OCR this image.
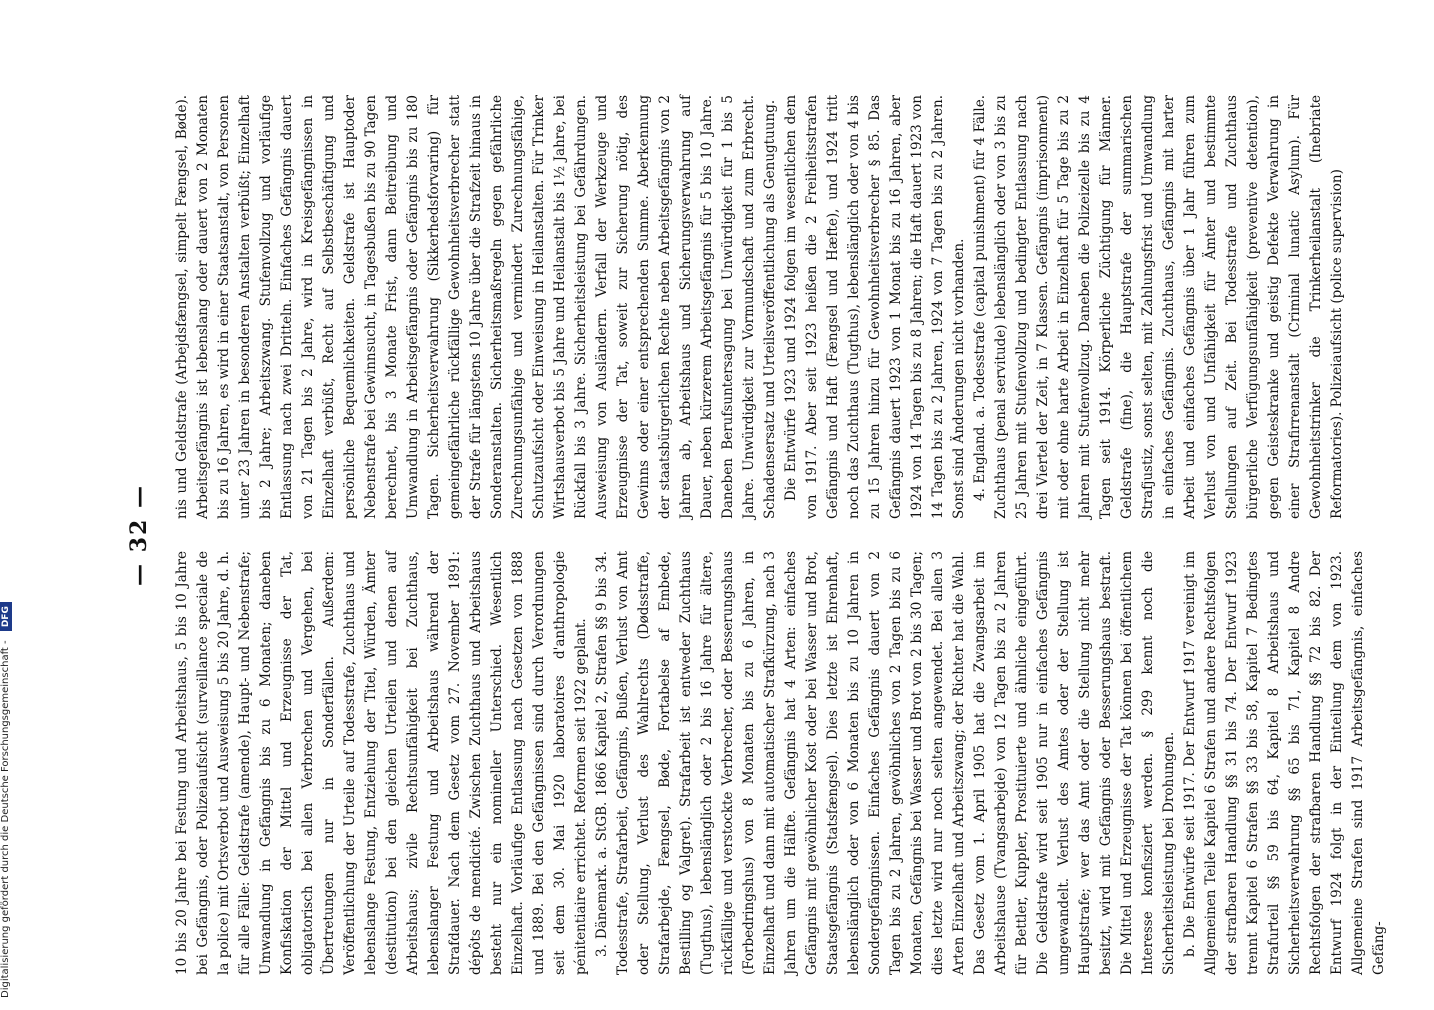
— 32 —

10 bis 20 Jahre bei Festung und Arbeitshaus, 5 bis 10 Jahre bei Gefängnis, oder Polizeiaufsicht (surveillance speciale de la police) mit Ortsverbot und Ausweisung 5 bis 20 Jahre, d. h. für alle Fälle: Geldstrafe (amende), Haupt- und Nebenstrafe; Umwandlung in Gefängnis bis zu 6 Monaten; daneben Konfiskation der Mittel und Erzeugnisse der Tat, obligatorisch bei allen Verbrechen und Vergehen, bei Übertretungen nur in Sonderfällen. Außerdem: Veröffentlichung der Urteile auf Todesstrafe, Zuchthaus und lebenslange Festung, Entziehung der Titel, Würden, Ämter (destitution) bei den gleichen Urteilen und denen auf Arbeitshaus; zivile Rechtsunfähigkeit bei Zuchthaus, lebenslanger Festung und Arbeitshaus während der Strafdauer. Nach dem Gesetz vom 27. November 1891: dépôts de mendicité. Zwischen Zuchthaus und Arbeitshaus besteht nur ein nomineller Unterschied. Wesentlich Einzelhaft. Vorläufige Entlassung nach Gesetzen von 1888 und 1889. Bei den Gefängnissen sind durch Verordnungen seit dem 30. Mai 1920 laboratoires d'anthropologie pénitentiaire errichtet. Reformen seit 1922 geplant. 3. Dänemark. a. StGB. 1866 Kapitel 2, Strafen §§ 9 bis 34. Todesstrafe, Strafarbeit, Gefängnis, Bußen, Verlust von Amt oder Stellung, Verlust des Wahlrechts (Dødsstraffe, Strafarbejde, Fængsel, Bøde, Fortabelse af Embede, Bestilling og Valgret). Strafarbeit ist entweder Zuchthaus (Tugthus), lebenslänglich oder 2 bis 16 Jahre für ältere, rückfällige und verstockte Verbrecher, oder Besserungshaus (Forbedringshus) von 8 Monaten bis zu 6 Jahren, in Einzelhaft und dann mit automatischer Strafkürzung, nach 3 Jahren um die Hälfte. Gefängnis hat 4 Arten: einfaches Gefängnis mit gewöhnlicher Kost oder bei Wasser und Brot, Staatsgefängnis (Statsfængsel). Dies letzte ist Ehrenhaft, lebenslänglich oder von 6 Monaten bis zu 10 Jahren in Sondergefängnissen. Einfaches Gefängnis dauert von 2 Tagen bis zu 2 Jahren, gewöhnliches von 2 Tagen bis zu 6 Monaten, Gefängnis bei Wasser und Brot von 2 bis 30 Tagen; dies letzte wird nur noch selten angewendet. Bei allen 3 Arten Einzelhaft und Arbeitszwang; der Richter hat die Wahl. Das Gesetz vom 1. April 1905 hat die Zwangsarbeit im Arbeitshause (Tvangsarbejde) von 12 Tagen bis zu 2 Jahren für Bettler, Kuppler, Prostituierte und ähnliche eingeführt. Die Geldstrafe wird seit 1905 nur in einfaches Gefängnis umgewandelt. Verlust des Amtes oder der Stellung ist Hauptstrafe; wer das Amt oder die Stellung nicht mehr besitzt, wird mit Gefängnis oder Besserungshaus bestraft. Die Mittel und Erzeugnisse der Tat können bei öffentlichem Interesse konfisziert werden. § 299 kennt noch die Sicherheitsleistung bei Drohungen. b. Die Entwürfe seit 1917. Der Entwurf 1917 vereinigt im Allgemeinen Teile Kapitel 6 Strafen und andere Rechtsfolgen der strafbaren Handlung §§ 31 bis 74. Der Entwurf 1923 trennt Kapitel 6 Strafen §§ 33 bis 58, Kapitel 7 Bedingtes Strafurteil §§ 59 bis 64, Kapitel 8 Arbeitshaus und Sicherheitsverwahrung §§ 65 bis 71, Kapitel 8 Andre Rechtsfolgen der strafbaren Handlung §§ 72 bis 82. Der Entwurf 1924 folgt in der Einteilung dem von 1923. Allgemeine Strafen sind 1917 Arbeitsgefängnis, einfaches Gefäng-

nis und Geldstrafe (Arbejdsfængsel, simpelt Fængsel, Bøde). Arbeitsgefängnis ist lebenslang oder dauert von 2 Monaten bis zu 16 Jahren, es wird in einer Staatsanstalt, von Personen unter 23 Jahren in besonderen Anstalten verbüßt; Einzelhaft bis 2 Jahre; Arbeitszwang. Stufenvollzug und vorläufige Entlassung nach zwei Dritteln. Einfaches Gefängnis dauert von 21 Tagen bis 2 Jahre, wird in Kreisgefängnissen in Einzelhaft verbüßt, Recht auf Selbstbeschäftigung und persönliche Bequemlichkeiten. Geldstrafe ist Hauptoder Nebenstrafe bei Gewinnsucht, in Tagesbußen bis zu 90 Tagen berechnet, bis 3 Monate Frist, dann Beitreibung und Umwandlung in Arbeitsgefängnis oder Gefängnis bis zu 180 Tagen. Sicherheitsverwahrung (Sikkerhedsforvaring) für gemeingefährliche rückfällige Gewohnheitsverbrecher statt der Strafe für längstens 10 Jahre über die Strafzeit hinaus in Sonderanstalten. Sicherheitsmaßregeln gegen gefährliche Zurechnungsunfähige und vermindert Zurechnungsfähige, Schutzaufsicht oder Einweisung in Heilanstalten. Für Trinker Wirtshausverbot bis 5 Jahre und Heilanstalt bis 1½ Jahre, bei Rückfall bis 3 Jahre. Sicherheitsleistung bei Gefährdungen. Ausweisung von Ausländern. Verfall der Werkzeuge und Erzeugnisse der Tat, soweit zur Sicherung nötig, des Gewinns oder einer entsprechenden Summe. Aberkennung der staatsbürgerlichen Rechte neben Arbeitsgefängnis von 2 Jahren ab, Arbeitshaus und Sicherungsverwahrung auf Dauer, neben kürzerem Arbeitsgefängnis für 5 bis 10 Jahre. Daneben Berufsuntersagung bei Unwürdigkeit für 1 bis 5 Jahre. Unwürdigkeit zur Vormundschaft und zum Erbrecht. Schadensersatz und Urteilsveröffentlichung als Genugtuung. Die Entwürfe 1923 und 1924 folgen im wesentlichen dem von 1917. Aber seit 1923 heißen die 2 Freiheitsstrafen Gefängnis und Haft (Fængsel und Hæfte), und 1924 tritt noch das Zuchthaus (Tugthus), lebenslänglich oder von 4 bis zu 15 Jahren hinzu für Gewohnheitsverbrecher § 85. Das Gefängnis dauert 1923 von 1 Monat bis zu 16 Jahren, aber 1924 von 14 Tagen bis zu 8 Jahren; die Haft dauert 1923 von 14 Tagen bis zu 2 Jahren, 1924 von 7 Tagen bis zu 2 Jahren. Sonst sind Änderungen nicht vorhanden. 4. England. a. Todesstrafe (capital punishment) für 4 Fälle. Zuchthaus (penal servitude) lebenslänglich oder von 3 bis zu 25 Jahren mit Stufenvollzug und bedingter Entlassung nach drei Viertel der Zeit, in 7 Klassen. Gefängnis (imprisonment) mit oder ohne harte Arbeit in Einzelhaft für 5 Tage bis zu 2 Jahren mit Stufenvollzug. Daneben die Polizeizelle bis zu 4 Tagen seit 1914. Körperliche Züchtigung für Männer. Geldstrafe (fine), die Hauptstrafe der summarischen Strafjustiz, sonst selten, mit Zahlungsfrist und Umwandlung in einfaches Gefängnis. Zuchthaus, Gefängnis mit harter Arbeit und einfaches Gefängnis über 1 Jahr führen zum Verlust von und Unfähigkeit für Ämter und bestimmte Stellungen auf Zeit. Bei Todesstrafe und Zuchthaus bürgerliche Verfügungsunfähigkeit (preventive detention), gegen Geisteskranke und geistig Defekte Verwahrung in einer Strafirrenanstalt (Criminal lunatic Asylum). Für Gewohnheitstrinker die Trinkerheilanstalt (Inebriate Reformatories). Polizeiaufsicht (police supervision)

Digitalisierung gefördert durch die Deutsche Forschungsgemeinschaft - DFG
